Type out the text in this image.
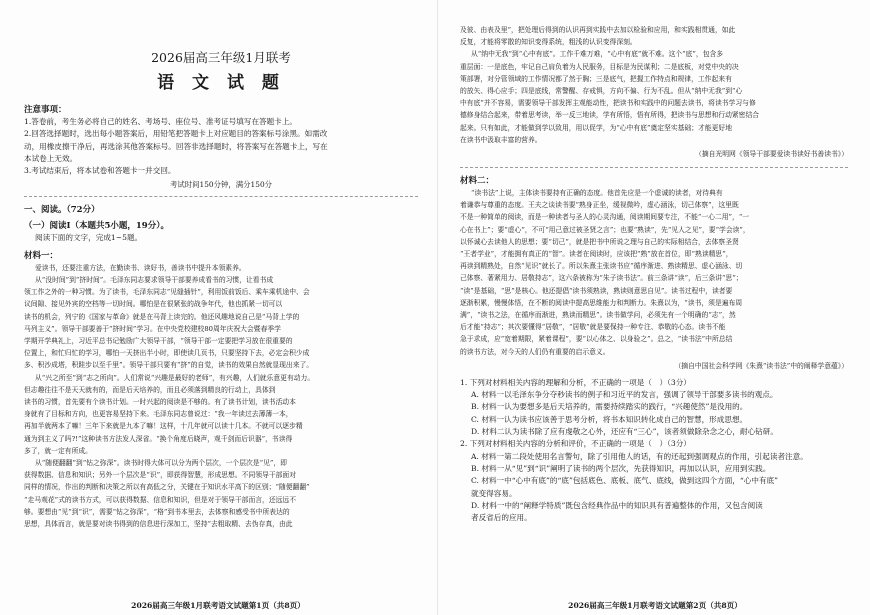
2026届高三年级1月联考
语 文 试 题
注意事项：

1.答卷前，考生务必将自己的姓名、考场号、座位号、准考证号填写在答题卡上。

2.回答选择题时，选出每小题答案后，用铅笔把答题卡上对应题目的答案标号涂黑。如需改

动，用橡皮擦干净后，再选涂其他答案标号。回答非选择题时，将答案写在答题卡上，写在

本试卷上无效。

3.考试结束后，将本试卷和答题卡一并交回。

考试时间150分钟，满分150分
一、阅读。（72分）
（一）阅读Ⅰ（本题共5小题，19分）。

阅读下面的文字，完成1~5题。

材料一：

爱读书，还要注重方法，在勤读书、读好书，善读书中提升本领素养。

从“没时间”到“挤时间”。毛泽东同志要求领导干部要养成看书的习惯，让看书成

领工作之外的一种习惯。为了读书，毛泽东同志“见缝插针”，利用饭前饭后、乘车乘机途中、会

议间隙、接见外宾的空档等一切时间。哪怕是在很紧张的战争年代，他也抓紧一切可以

读书的机会，列宁的《国家与革命》就是在马背上读完的。他还风趣地说自己是“马背上学的

马列主义”。领导干部要善于“挤时间”学习。在中央党校建校80周年庆祝大会暨春季学

学期开学典礼上，习近平总书记勉励广大领导干部，“领导干部一定要把学习放在很重要的

位置上，和忙归忙的学习，哪怕一天挤出半小时，即使读几页书，只要坚持下去，必定会积少成

多、积沙成塔，积跬步以至千里”。领导干部只要有“挤”的自觉，读书的效果自然就显现出来了。

从“兴之所至”到“志之所向”。人们常说“兴趣是最好的老师”，有兴趣，人们就乐意更有动力。

但志趣往往不是天天就有的，而是后天培养的，而且必须落到精良的行动上，具体到

读书的习惯，首先要有个读书计划。一时兴起的阅读是不够的。有了读书计划，读书活动本

身就有了目标和方向，也更容易坚持下来。毛泽东同志曾说过：“我一年读过去薄薄一本，

再加半就两本了嘛！三年下来就是九本了嘛！这样，十几年就可以读十几本。不就可以逐步精

通为到主义了吗?!”这种读书方法发人深省。“换个角度后晓声，观千剑而后识器”，书读得

多了，就一定有所成。

从“随便翻翻”到“钻之弥深”。读书时得大体可以分为两个层次，一个层次是“见”，即

获得数据、信息和知识；另外一个层次是“识”，即获得智慧，形成思想。不同领导干部面对

同样的情况，作出的判断和决策之所以有高低之分，关键在于知识水平高下的区别；“随便翻翻”

“走马观花”式的读书方式，可以获得数据、信息和知识，但是对于领导干部而言，还远远不

够。要想由“见”到“识”，需要“钻之弥深”，“格”到书本里去，去体察和感受书中所表达的

思想，具体而言，就是要对读书得到的信息进行深加工，坚持“去粗取精、去伪存真，由此

2026届高三年级1月联考语文试题第1页（共8页）

及彼、由表及里”，把处理后得到的认识再到实践中去加以检验和应用，和实践相贯通，如此

反复，才能将零散的知识变得系统，粗浅的认识变得深刻。

从“纳中无我”到“心中有底”。工作千难万难，“心中有底”就不难。这个“底”，包含多

重层面：一是底色，牢记自己肩负着为人民服务，目标是为民谋利；二是底板，对党中央的决

策部署，对分管领域的工作情况都了然于胸；三是底气，把握工作特点和规律，工作起来有

的放矢、得心应手；四是底线，常警醒、存戒惧，方向不偏、行为不乱。但从“纳中无我”到“心

中有底”并不容易，需要领导干部发挥主观能动性，把读书和实践中的问题去读书，将读书学习与修

德修身结合起来，带着思考读，举一反三地读，学有所悟，悟有所得，把读书与思想和行动紧密结合

起来。只有如此，才能做到学以致用，用以促学，为“心中有底”奠定坚实基础；才能更好地

在读书中汲取丰富的营养。

（摘自光明网《领导干部要爱读书读好书善读书》）
材料二：

“读书法”上说，主体读书要持有正确的态度。他首先应是一个虚诚的读者，对待典有

着谦恭与尊重的态度。王夫之谈读书要“熟身正坐，缓视微吟，虚心涵泳，切己体察”，这里既

不是一种简单的阅读，而是一种读者与圣人的心灵沟通，阅读期间要专注，不能“一心二用”，“一

心在书上”；要“虚心”，不可“用己意过被圣贤之言”；也要“熟读”，先“见人之见”，要“学会读”，

以怀诚心去读他人的思想；要“切己”，就是把书中所说之理与自己的实际相结合，去体察圣贤

“王者学业”，才能拥有真正的“智”。读者在阅读时，应该把“熟”放在首位，即“熟读精思”，

再读到精熟处，自然“见识”就长了。所以朱熹主张读书应“循序渐进、熟读精思、虚心涵泳、切

己体察、著紧用力、居敬持志”，这六条被称为“朱子读书法”。前三条讲“读”，后三条讲“思”；

“读”是基础，“思”是核心。他还提倡“读书须熟读，熟读则意思自见”。读书过程中，读者要

逐渐积累，慢慢体悟，在不断的阅读中提高思维能力和判断力。朱熹以为，“读书，须是遍布周

满”，“读书之法，在循序而渐进，熟读而精思”。读书做学问，必须先有一个明确的“志”，然

后才能“持志”；其次要懂得“居敬”，“居敬”就是要保持一种专注、恭敬的心态。读书不能

急于求成，应“宽着期限，紧着课程”，要“以心体之、以身验之”。总之，“读书法”中所总结

的读书方法，对今天的人们仍有重要的启示意义。

（摘自中国社会科学网《朱熹“读书法”中的阐释学意蕴》）

1. 下列对材料相关内容的理解和分析，不正确的一项是（　）（3分）

A. 材料一以毛泽东争分夺秒读书的例子和习近平的发言，强调了领导干部要多读书的观点。

B. 材料一认为要想多是后天培养的，需要持续踏实的践行，“兴趣使然”是没用的。

C. 材料一认为读书应该善于思考分析，将书本知识转化成自己的智慧，形成思想。

D. 材料二认为读书除了应有虔敬之心外，还应有“三心”，该者须做除杂念之心，耐心钻研。

2. 下列对材料相关内容的分析和评价，不正确的一项是（　）（3分）

A. 材料一第二段处使用名言警句，除了引用他人的话，有的还起到强调观点的作用，引起读者注意。

B. 材料一从“见”到“识”阐明了读书的两个层次，先获得知识，再加以认识，应用到实践。

C. 材料一中“心中有底”的“底”包括底色、底板、底气、底线，做到这四个方面，“心中有底”

就变得容易。

D. 材料一中的“阐释学特质”既包含经典作品中的知识具有普遍整体的作用，又包含阅读

者反省后的应用。

2026届高三年级1月联考语文试题第2页（共8页）
